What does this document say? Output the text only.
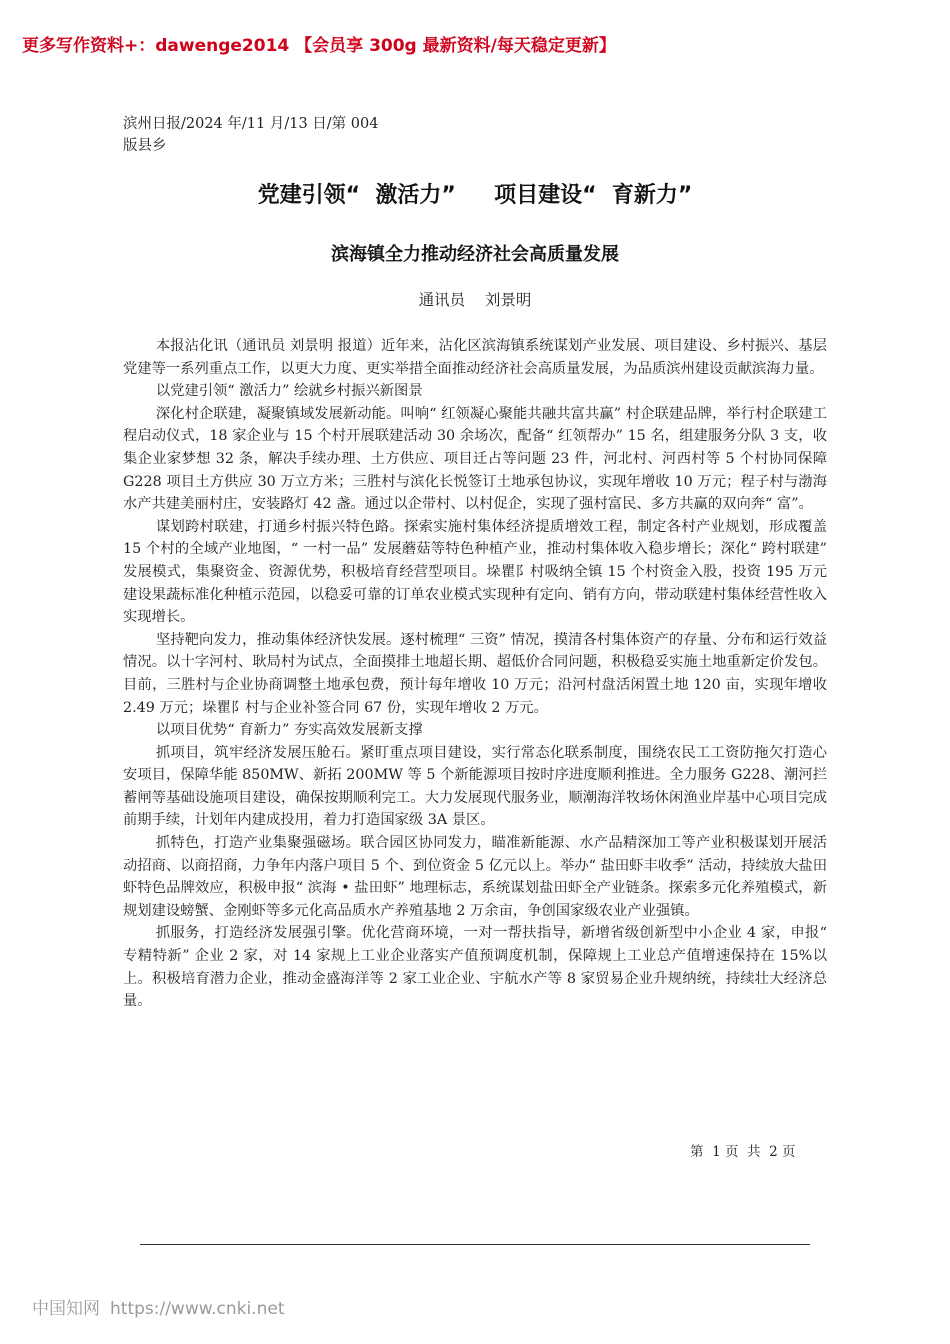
更多写作资料+：dawenge2014 【会员享 300g 最新资料/每天稳定更新】
滨州日报/2024 年/11 月/13 日/第 004
版县乡
党建引领“  激活力”     项目建设“  育新力”
滨海镇全力推动经济社会高质量发展
通讯员    刘景明

本报沾化讯（通讯员 刘景明 报道）近年来，沾化区滨海镇系统谋划产业发展、项目建设、乡村振兴、基层党建等一系列重点工作，以更大力度、更实举措全面推动经济社会高质量发展，为品质滨州建设贡献滨海力量。

以党建引领“ 激活力” 绘就乡村振兴新图景

深化村企联建，凝聚镇域发展新动能。叫响“ 红领凝心聚能共融共富共赢” 村企联建品牌，举行村企联建工程启动仪式，18 家企业与 15 个村开展联建活动 30 余场次，配备“ 红领帮办” 15 名，组建服务分队 3 支，收集企业家梦想 32 条，解决手续办理、土方供应、项目迁占等问题 23 件，河北村、河西村等 5 个村协同保障 G228 项目土方供应 30 万立方米；三胜村与滨化长悦签订土地承包协议，实现年增收 10 万元；程子村与渤海水产共建美丽村庄，安装路灯 42 盏。通过以企带村、以村促企，实现了强村富民、多方共赢的双向奔“ 富”。

谋划跨村联建，打通乡村振兴特色路。探索实施村集体经济提质增效工程，制定各村产业规划，形成覆盖 15 个村的全域产业地图，“ 一村一品” 发展蘑菇等特色种植产业，推动村集体收入稳步增长；深化“ 跨村联建” 发展模式，集聚资金、资源优势，积极培育经营型项目。垛瞿阝村吸纳全镇 15 个村资金入股，投资 195 万元建设果蔬标准化种植示范园，以稳妥可靠的订单农业模式实现种有定向、销有方向，带动联建村集体经营性收入实现增长。

坚持靶向发力，推动集体经济快发展。逐村梳理“ 三资” 情况，摸清各村集体资产的存量、分布和运行效益情况。以十字河村、耿局村为试点，全面摸排土地超长期、超低价合同问题，积极稳妥实施土地重新定价发包。目前，三胜村与企业协商调整土地承包费，预计每年增收 10 万元；沿河村盘活闲置土地 120 亩，实现年增收 2.49 万元；垛瞿阝村与企业补签合同 67 份，实现年增收 2 万元。

以项目优势“ 育新力” 夯实高效发展新支撑

抓项目，筑牢经济发展压舱石。紧盯重点项目建设，实行常态化联系制度，围绕农民工工资防拖欠打造心安项目，保障华能 850MW、新拓 200MW 等 5 个新能源项目按时序进度顺利推进。全力服务 G228、潮河拦蓄闸等基础设施项目建设，确保按期顺利完工。大力发展现代服务业，顺潮海洋牧场休闲渔业岸基中心项目完成前期手续，计划年内建成投用，着力打造国家级 3A 景区。

抓特色，打造产业集聚强磁场。联合园区协同发力，瞄准新能源、水产品精深加工等产业积极谋划开展活动招商、以商招商，力争年内落户项目 5 个、到位资金 5 亿元以上。举办“ 盐田虾丰收季” 活动，持续放大盐田虾特色品牌效应，积极申报“ 滨海 • 盐田虾” 地理标志，系统谋划盐田虾全产业链条。探索多元化养殖模式，新规划建设螃蟹、金刚虾等多元化高品质水产养殖基地 2 万余亩，争创国家级农业产业强镇。

抓服务，打造经济发展强引擎。优化营商环境，一对一帮扶指导，新增省级创新型中小企业 4 家，申报“ 专精特新” 企业 2 家，对 14 家规上工业企业落实产值预调度机制，保障规上工业总产值增速保持在 15%以上。积极培育潜力企业，推动金盛海洋等 2 家工业企业、宇航水产等 8 家贸易企业升规纳统，持续壮大经济总量。

第  1 页  共  2 页
中国知网 https://www.cnki.net
